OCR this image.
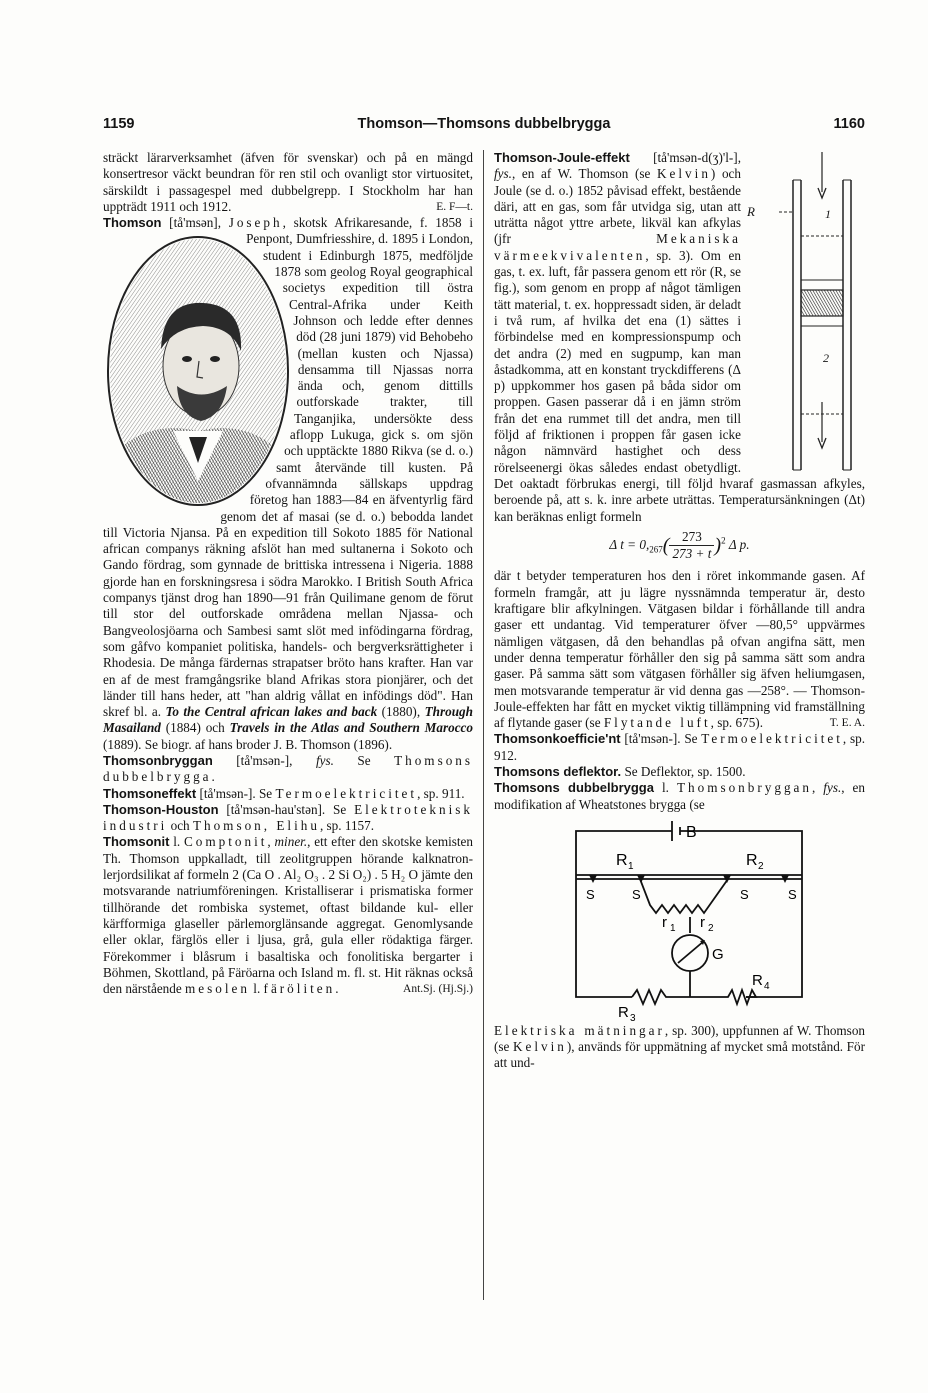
1159	Thomson—Thomsons dubbelbrygga	1160

sträckt lärarverksamhet (äfven för svenskar) och på en mängd konsertresor väckt beundran för ren stil och ovanligt stor virtuositet, särskildt i passagespel med dubbelgrepp. I Stockholm har han uppträdt 1911 och 1912.	E. F—t.

Thomson [tå'msən], Joseph
, skotsk Afrikaresande, f. 1858 i Penpont, Dumfriesshire, d. 1895 i London, student i Edinburgh 1875, medföljde 1878 som geolog Royal geographical societys expedition till östra Central-Afrika under Keith Johnson och ledde efter dennes död (28 juni 1879) vid Behobeho (mellan kusten och Njassa) densamma till Njassas norra ända och, genom dittills outforskade trakter, till Tanganjika, undersökte dess aflopp Lukuga, gick s. om sjön och upptäckte 1880 Rikva (se d. o.) samt återvände till kusten. På ofvannämnda sällskaps uppdrag företog han 1883—84 en äfventyrlig färd genom det af masai (se d. o.) bebodda landet till Victoria Njansa. På en expedition till Sokoto 1885 för National african companys räkning afslöt han med sultanerna i Sokoto och Gando fördrag, som gynnade de brittiska intressena i Nigeria. 1888 gjorde han en forskningsresa i södra Marokko. I British South Africa companys tjänst drog han 1890—91 från Quilimane genom de förut till stor del outforskade områdena mellan Njassa- och Bangveolosjöarna och Sambesi samt slöt med infödingarna fördrag, som gåfvo kompaniet politiska, handels- och bergverksrättigheter i Rhodesia. De många färdernas strapatser bröto hans krafter. Han var en af de mest framgångsrike bland Afrikas stora pionjärer, och det länder till hans heder, att "han aldrig vållat en infödings död". Han skref bl. a. To the Central african lakes and back (1880), Through Masailand (1884) och Travels in the Atlas and Southern Marocco (1889). Se biogr. af hans broder J. B. Thomson (1896).

Thomsonbryggan [tå'msən-], fys. Se Thomsons dubbelbrygga.

Thomsoneffekt [tå'msən-]. Se Termoelektricitet, sp. 911.

Thomson-Houston [tå'msən-hau'stən]. Se Elektroteknisk industri och Thomson, Elihu, sp. 1157.

Thomsonit l. Comptonit, miner., ett efter den skotske kemisten Th. Thomson uppkalladt, till zeolitgruppen hörande kalknatron-lerjordsilikat af formeln 2 (Ca O . Al₂ O₃ . 2 Si O₂) . 5 H₂ O jämte den motsvarande natriumföreningen. Kristalliserar i prismatiska former tillhörande det rombiska systemet, oftast bildande kul- eller kärfformiga glaseller pärlemorglänsande aggregat. Genomlysande eller oklar, färglös eller i ljusa, grå, gula eller rödaktiga färger. Förekommer i blåsrum i basaltiska och fonolitiska bergarter i Böhmen, Skottland, på Färöarna och Island m. fl. st. Hit räknas också den närstående mesolen l. färöliten.	Ant.Sj. (Hj.Sj.)

R	1
2
Thomson-Joule-effekt [tå'msən-d(ʒ)'l-], fys., en af W. Thomson (se Kelvin) och Joule (se d. o.) 1852 påvisad effekt, bestående däri, att en gas, som får utvidga sig, utan att uträtta något yttre arbete, likväl kan afkylas (jfr Mekaniska värmeekvivalenten, sp. 3). Om en gas, t. ex. luft, får passera genom ett rör (R, se fig.), som genom en propp af något tämligen tätt material, t. ex. hoppressadt siden, är deladt i två rum, af hvilka det ena (1) sättes i förbindelse med en kompressionspump och det andra (2) med en sugpump, kan man åstadkomma, att en konstant tryckdifferens (Δ p) uppkommer hos gasen på båda sidor om proppen. Gasen passerar då i en jämn ström från det ena rummet till det andra, men till följd af friktionen i proppen får gasen icke någon nämnvärd hastighet och dess rörelseenergi ökas således endast obetydligt. Det oaktadt förbrukas energi, till följd hvaraf gasmassan afkyles, beroende på, att s. k. inre arbete uträttas. Temperatursänkningen (Δt) kan beräknas enligt formeln

Δ $t = 0,_{267}( \frac{273}{273 + t} )^2$ Δ p.

där t betyder temperaturen hos den i röret inkommande gasen. Af formeln framgår, att ju lägre nyssnämnda temperatur är, desto kraftigare blir afkylningen. Vätgasen bildar i förhållande till andra gaser ett undantag. Vid temperaturer öfver —80,5° uppvärmes nämligen vätgasen, då den behandlas på ofvan angifna sätt, men under denna temperatur förhåller den sig på samma sätt som andra gaser. På samma sätt som vätgasen förhåller sig äfven heliumgasen, men motsvarande temperatur är vid denna gas —258°. — Thomson-Joule-effekten har fått en mycket viktig tillämpning vid framställning af flytande gaser (se Flytande luft, sp. 675).	T. E. A.

Thomsonkoefficie'nt [tå'msən-]. Se Termoelektricitet, sp. 912.

Thomsons deflektor. Se Deflektor, sp. 1500.

Thomsons dubbelbrygga l. Thomsonbryggan, fys., en modifikation af Wheatstones brygga (se

B
R 1	R 2
S	S	S	S
r 1 r 2
G
R 3
R 4

Elektriska mätningar, sp. 300), uppfunnen af W. Thomson (se Kelvin), används för uppmätning af mycket små motstånd. För att und-
